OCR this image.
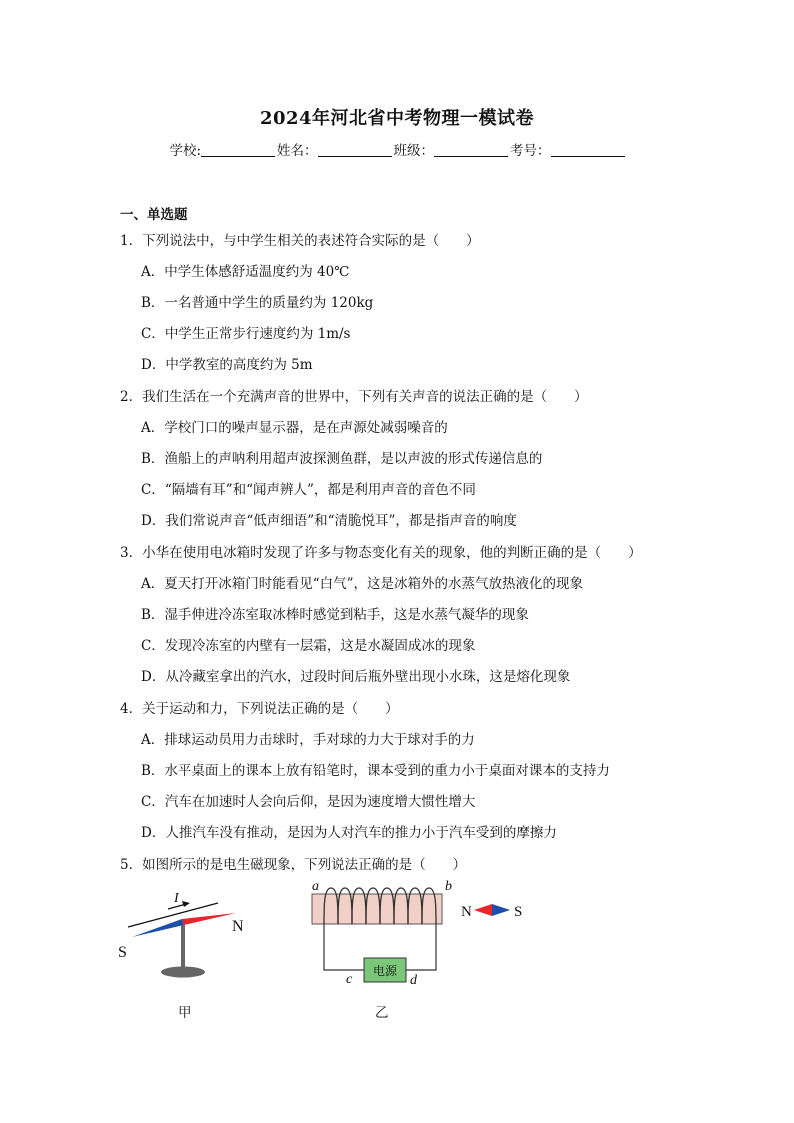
2024年河北省中考物理一模试卷
学校:	姓名：	班级：	考号：
一、单选题
1．下列说法中，与中学生相关的表述符合实际的是（　　）
A．中学生体感舒适温度约为 40℃
B．一名普通中学生的质量约为 120kg
C．中学生正常步行速度约为 1m/s
D．中学教室的高度约为 5m
2．我们生活在一个充满声音的世界中，下列有关声音的说法正确的是（　　）
A．学校门口的噪声显示器，是在声源处减弱噪音的
B．渔船上的声呐利用超声波探测鱼群，是以声波的形式传递信息的
C．“隔墙有耳”和“闻声辨人”，都是利用声音的音色不同
D．我们常说声音“低声细语”和“清脆悦耳”，都是指声音的响度
3．小华在使用电冰箱时发现了许多与物态变化有关的现象，他的判断正确的是（　　）
A．夏天打开冰箱门时能看见“白气”，这是冰箱外的水蒸气放热液化的现象
B．湿手伸进冷冻室取冰棒时感觉到粘手，这是水蒸气凝华的现象
C．发现冷冻室的内壁有一层霜，这是水凝固成冰的现象
D．从冷藏室拿出的汽水，过段时间后瓶外壁出现小水珠，这是熔化现象
4．关于运动和力，下列说法正确的是（　　）
A．排球运动员用力击球时，手对球的力大于球对手的力
B．水平桌面上的课本上放有铅笔时，课本受到的重力小于桌面对课本的支持力
C．汽车在加速时人会向后仰，是因为速度增大惯性增大
D．人推汽车没有推动，是因为人对汽车的推力小于汽车受到的摩擦力
5．如图所示的是电生磁现象，下列说法正确的是（　　）
I
N
S
甲
电源
a	b
c	d
N	S
乙
